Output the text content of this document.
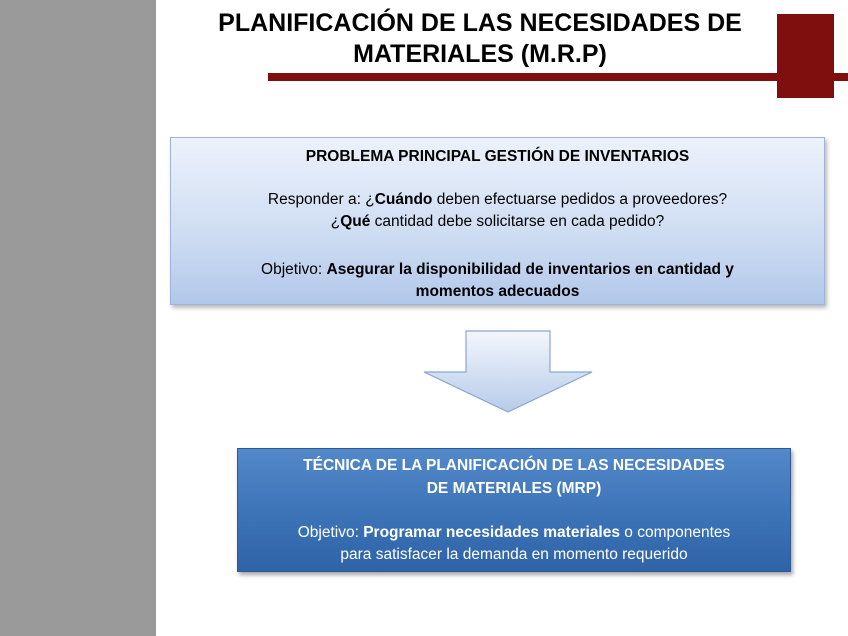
PLANIFICACIÓN DE LAS NECESIDADES DE
MATERIALES (M.R.P)
PROBLEMA PRINCIPAL GESTIÓN DE INVENTARIOS
Responder a: ¿Cuándo deben efectuarse pedidos a proveedores?
¿Qué cantidad debe solicitarse en cada pedido?
Objetivo: Asegurar la disponibilidad de inventarios en cantidad y
momentos adecuados
TÉCNICA DE LA PLANIFICACIÓN DE LAS NECESIDADES
DE MATERIALES (MRP)
Objetivo: Programar necesidades materiales o componentes
para satisfacer la demanda en momento requerido
